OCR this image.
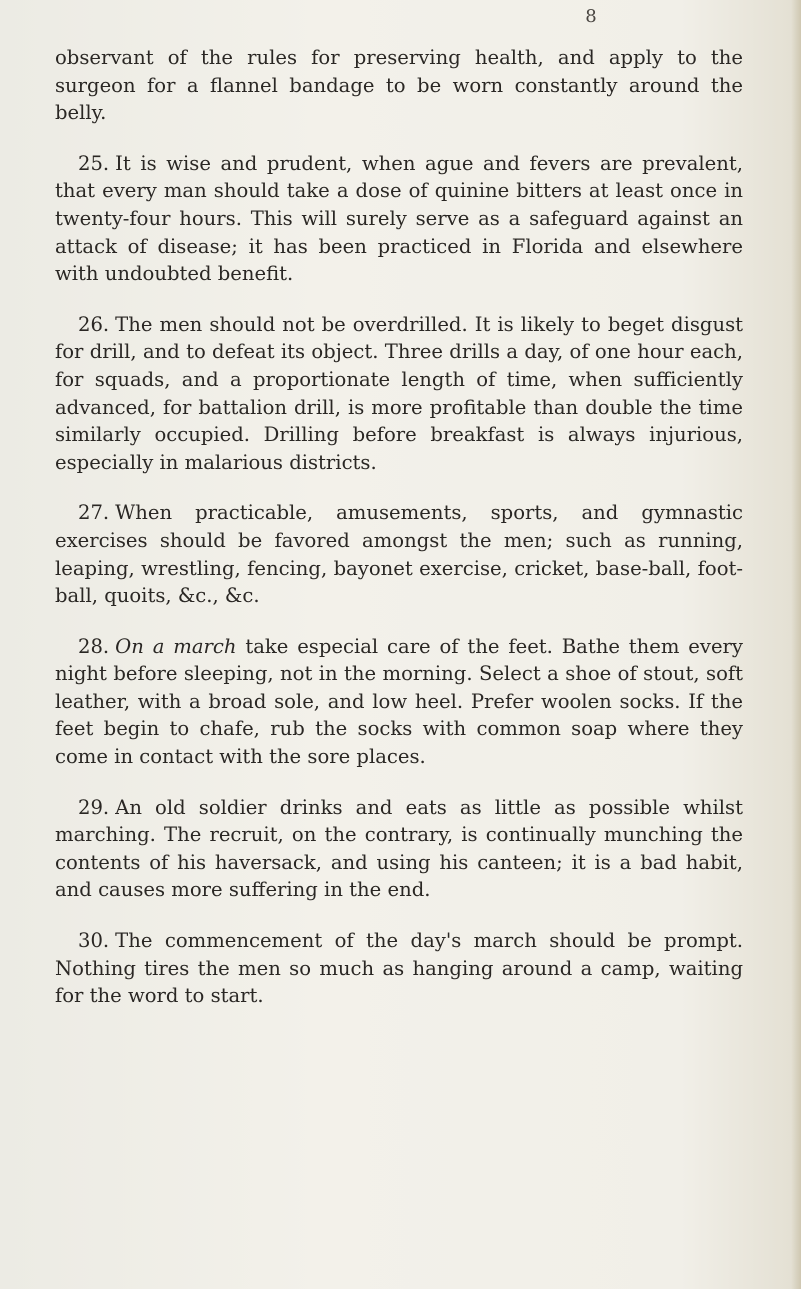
8

observant of the rules for preserving health, and apply to the surgeon for a flannel bandage to be worn constantly around the belly.

25. It is wise and prudent, when ague and fevers are prevalent, that every man should take a dose of quinine bitters at least once in twenty-four hours. This will surely serve as a safeguard against an attack of disease; it has been practiced in Florida and elsewhere with undoubted benefit.

26. The men should not be overdrilled. It is likely to beget disgust for drill, and to defeat its object. Three drills a day, of one hour each, for squads, and a proportionate length of time, when sufficiently advanced, for battalion drill, is more profitable than double the time similarly occupied. Drilling before breakfast is always injurious, especially in malarious districts.

27. When practicable, amusements, sports, and gymnastic exercises should be favored amongst the men; such as running, leaping, wrestling, fencing, bayonet exercise, cricket, base-ball, foot-ball, quoits, &c., &c.

28. On a march take especial care of the feet. Bathe them every night before sleeping, not in the morning. Select a shoe of stout, soft leather, with a broad sole, and low heel. Prefer woolen socks. If the feet begin to chafe, rub the socks with common soap where they come in contact with the sore places.

29. An old soldier drinks and eats as little as possible whilst marching. The recruit, on the contrary, is continually munching the contents of his haversack, and using his canteen; it is a bad habit, and causes more suffering in the end.

30. The commencement of the day's march should be prompt. Nothing tires the men so much as hanging around a camp, waiting for the word to start.
